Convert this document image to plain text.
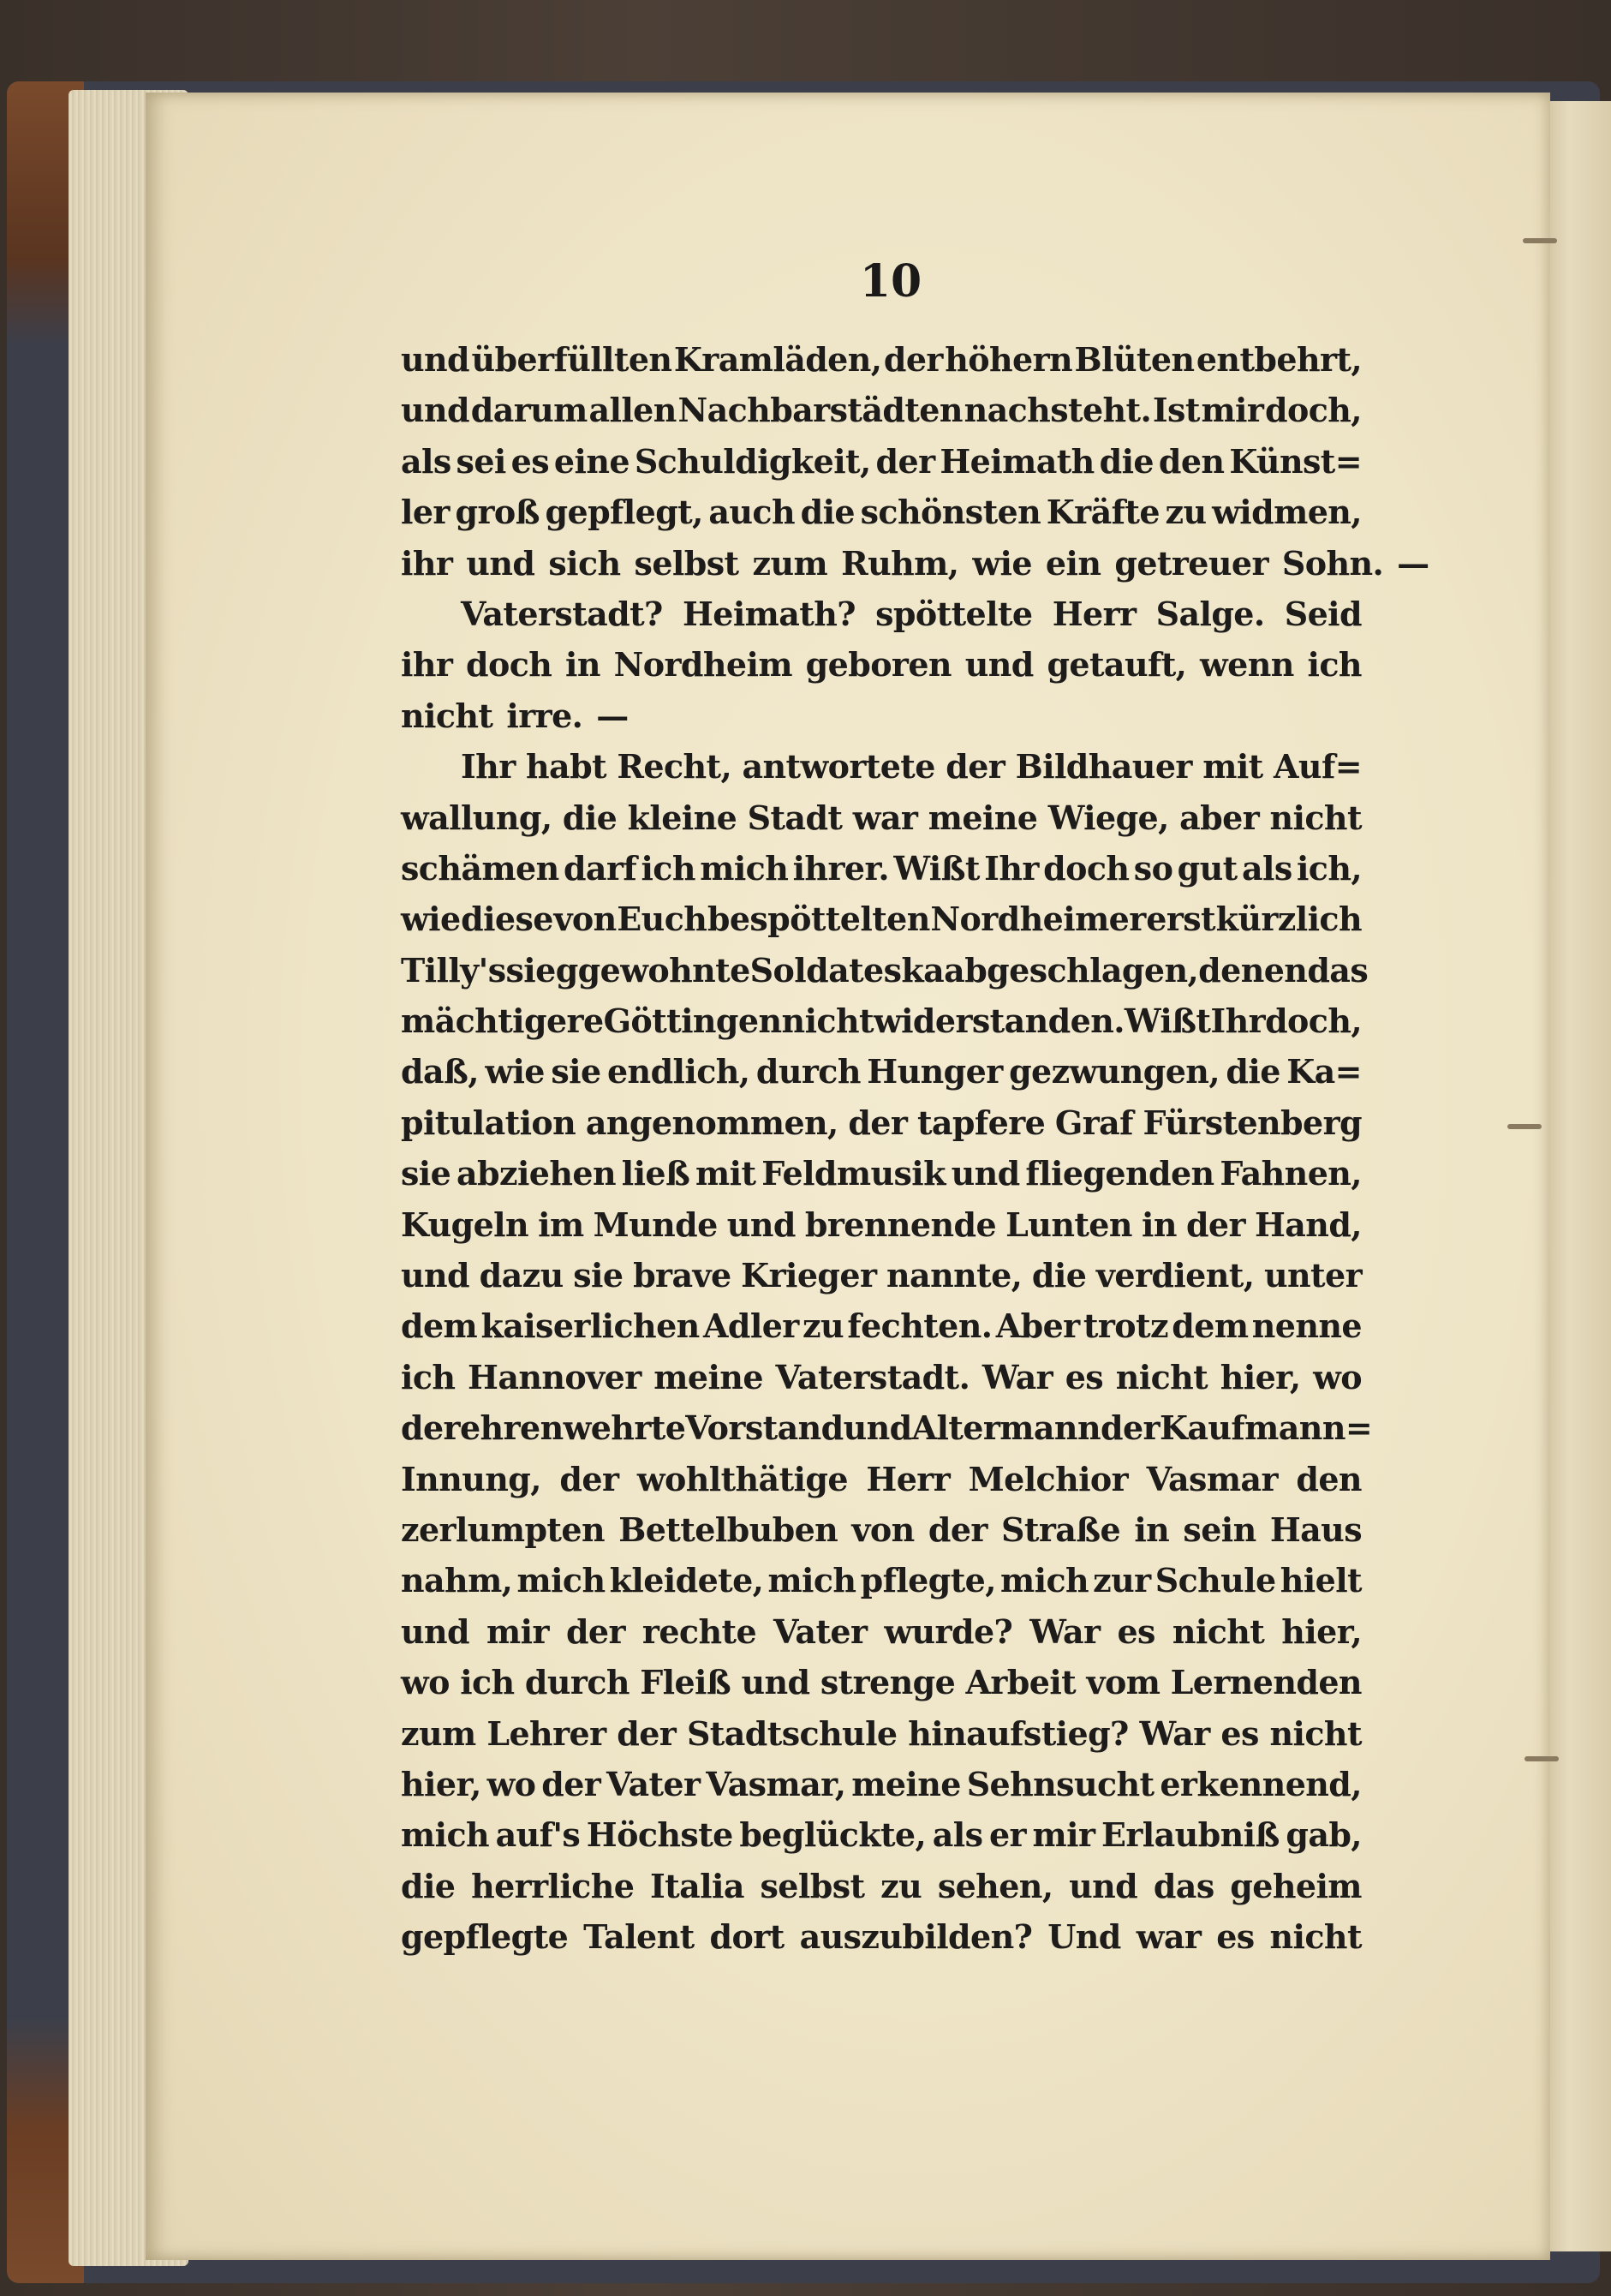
10
und überfüllten Kramläden, der höhern Blüten entbehrt,
und darum allen Nachbarstädten nachsteht. Ist mir doch,
als sei es eine Schuldigkeit, der Heimath die den Künst=
ler groß gepflegt, auch die schönsten Kräfte zu widmen,
ihr und sich selbst zum Ruhm, wie ein getreuer Sohn. —
Vaterstadt? Heimath? spöttelte Herr Salge. Seid
ihr doch in Nordheim geboren und getauft, wenn ich
nicht irre. —
Ihr habt Recht, antwortete der Bildhauer mit Auf=
wallung, die kleine Stadt war meine Wiege, aber nicht
schämen darf ich mich ihrer. Wißt Ihr doch so gut als ich,
wie diese von Euch bespöttelten Nordheimer erst kürzlich
Tilly's sieggewohnte Soldateska abgeschlagen, denen das
mächtigere Göttingen nicht widerstanden. Wißt Ihr doch,
daß, wie sie endlich, durch Hunger gezwungen, die Ka=
pitulation angenommen, der tapfere Graf Fürstenberg
sie abziehen ließ mit Feldmusik und fliegenden Fahnen,
Kugeln im Munde und brennende Lunten in der Hand,
und dazu sie brave Krieger nannte, die verdient, unter
dem kaiserlichen Adler zu fechten. Aber trotz dem nenne
ich Hannover meine Vaterstadt. War es nicht hier, wo
der ehrenwehrte Vorstand und Altermann der Kaufmann=
Innung, der wohlthätige Herr Melchior Vasmar den
zerlumpten Bettelbuben von der Straße in sein Haus
nahm, mich kleidete, mich pflegte, mich zur Schule hielt
und mir der rechte Vater wurde? War es nicht hier,
wo ich durch Fleiß und strenge Arbeit vom Lernenden
zum Lehrer der Stadtschule hinaufstieg? War es nicht
hier, wo der Vater Vasmar, meine Sehnsucht erkennend,
mich auf's Höchste beglückte, als er mir Erlaubniß gab,
die herrliche Italia selbst zu sehen, und das geheim
gepflegte Talent dort auszubilden? Und war es nicht
